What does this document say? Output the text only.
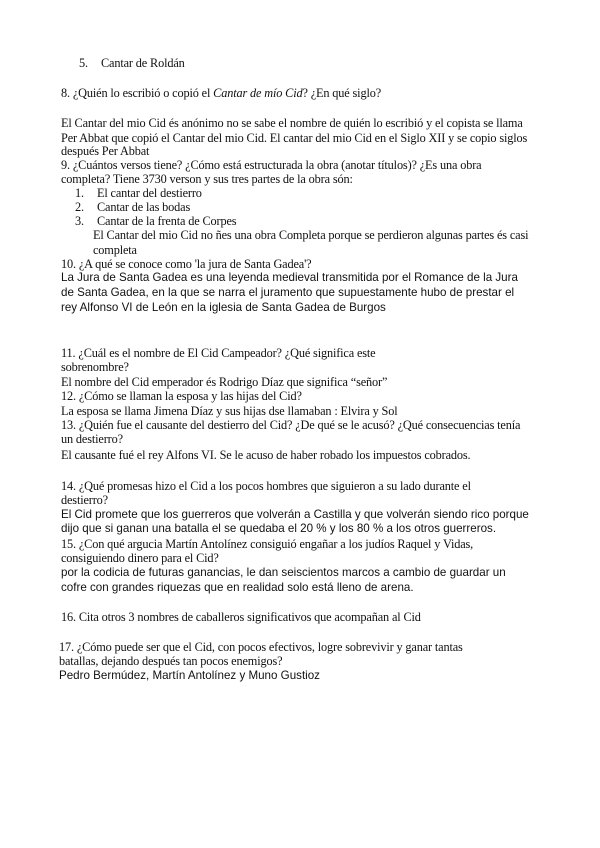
5. Cantar de Roldán
8. ¿Quién lo escribió o copió el Cantar de mío Cid? ¿En qué siglo?
El Cantar del mio Cid és anónimo no se sabe el nombre de quién lo escribió y el copista se llama
Per Abbat que copió el Cantar del mio Cid. El cantar del mio Cid en el Siglo XII y se copio siglos
después Per Abbat
9. ¿Cuántos versos tiene? ¿Cómo está estructurada la obra (anotar títulos)? ¿Es una obra
completa? Tiene 3730 verson y sus tres partes de la obra són:
1. El cantar del destierro
2. Cantar de las bodas
3. Cantar de la frenta de Corpes
El Cantar del mio Cid no ñes una obra Completa porque se perdieron algunas partes és casi
completa
10. ¿A qué se conoce como 'la jura de Santa Gadea'?
La Jura de Santa Gadea es una leyenda medieval transmitida por el Romance de la Jura
de Santa Gadea, en la que se narra el juramento que supuestamente hubo de prestar el
rey Alfonso VI de León en la iglesia de Santa Gadea de Burgos
11. ¿Cuál es el nombre de El Cid Campeador? ¿Qué significa este
sobrenombre?
El nombre del Cid emperador és Rodrigo Díaz que significa “señor”
12. ¿Cómo se llaman la esposa y las hijas del Cid?
La esposa se llama Jimena Díaz y sus hijas dse llamaban : Elvira y Sol
13. ¿Quién fue el causante del destierro del Cid? ¿De qué se le acusó? ¿Qué consecuencias tenía
un destierro?
El causante fué el rey Alfons VI. Se le acuso de haber robado los impuestos cobrados.
14. ¿Qué promesas hizo el Cid a los pocos hombres que siguieron a su lado durante el
destierro?
El Cid promete que los guerreros que volverán a Castilla y que volverán siendo rico porque
dijo que si ganan una batalla el se quedaba el 20 % y los 80 % a los otros guerreros.
15. ¿Con qué argucia Martín Antolínez consiguió engañar a los judíos Raquel y Vidas,
consiguiendo dinero para el Cid?
por la codicia de futuras ganancias, le dan seiscientos marcos a cambio de guardar un
cofre con grandes riquezas que en realidad solo está lleno de arena.
16. Cita otros 3 nombres de caballeros significativos que acompañan al Cid
17. ¿Cómo puede ser que el Cid, con pocos efectivos, logre sobrevivir y ganar tantas
batallas, dejando después tan pocos enemigos?
Pedro Bermúdez, Martín Antolínez y Muno Gustioz
